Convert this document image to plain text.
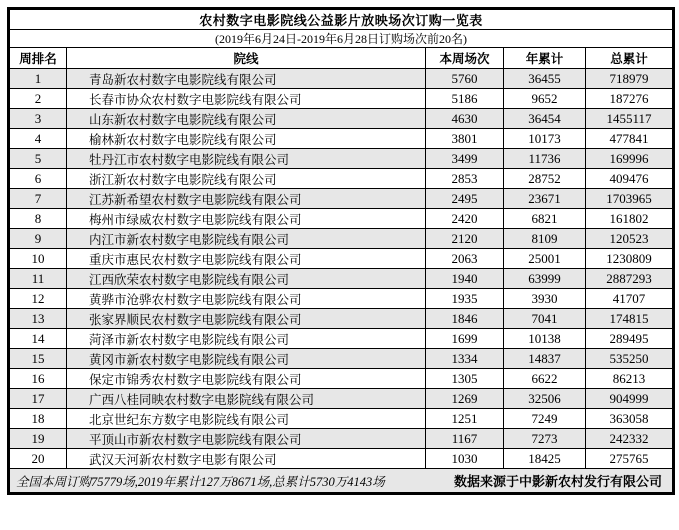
农村数字电影院线公益影片放映场次订购一览表				
(2019年6月24日-2019年6月28日订购场次前20名)				
周排名	院线	本周场次	年累计	总累计
1	青岛新农村数字电影院线有限公司	5760	36455	718979
2	长春市协众农村数字电影院线有限公司	5186	9652	187276
3	山东新农村数字电影院线有限公司	4630	36454	1455117
4	榆林新农村数字电影院线有限公司	3801	10173	477841
5	牡丹江市农村数字电影院线有限公司	3499	11736	169996
6	浙江新农村数字电影院线有限公司	2853	28752	409476
7	江苏新希望农村数字电影院线有限公司	2495	23671	1703965
8	梅州市绿威农村数字电影院线有限公司	2420	6821	161802
9	内江市新农村数字电影院线有限公司	2120	8109	120523
10	重庆市惠民农村数字电影院线有限公司	2063	25001	1230809
11	江西欣荣农村数字电影院线有限公司	1940	63999	2887293
12	黄骅市沧骅农村数字电影院线有限公司	1935	3930	41707
13	张家界顺民农村数字电影院线有限公司	1846	7041	174815
14	菏泽市新农村数字电影院线有限公司	1699	10138	289495
15	黄冈市新农村数字电影院线有限公司	1334	14837	535250
16	保定市锦秀农村数字电影院线有限公司	1305	6622	86213
17	广西八桂同映农村数字电影院线有限公司	1269	32506	904999
18	北京世纪东方数字电影院线有限公司	1251	7249	363058
19	平顶山市新农村数字电影院线有限公司	1167	7273	242332
20	武汉天河新农村数字电影有限公司	1030	18425	275765

全国本周订购75779场,2019年累计127万8671场,总累计5730万4143场 数据来源于中影新农村发行有限公司				
